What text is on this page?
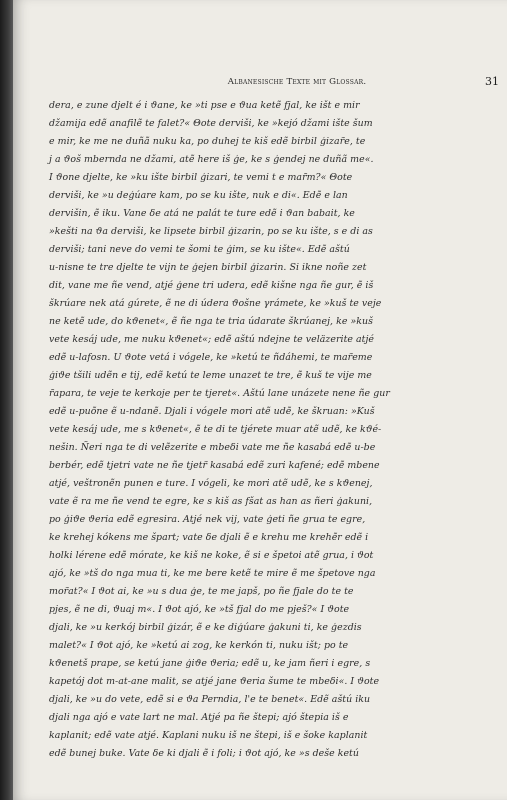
Albanesische Texte mit Glossar.	31
dera, e zune djelt é i ϑane, ke »ti pse e ϑua ketẽ fjal, ke išt e mir
džamija edẽ anafilẽ te falet?« Θote derviši, ke »kejó džami ište šum
e mir, ke me ne duñã nuku ka, po duhej te kiš edẽ birbil ģizar̃e, te
j a ϑoš mbernda ne džami, atẽ here iš ģe, ke s ģendej ne duñã me«.
I ϑone djelte, ke »ku ište birbil ģizari, te vemi t e mar̃m?« Θote
derviši, ke »u deģúare kam, po se ku ište, nuk e di«. Edẽ e lan
dervišin, ẽ iku. Vane δe atá ne palát te ture edẽ i ϑan babait, ke
»kešti na ϑa derviši, ke lipsete birbil ģizarin, po se ku ište, s e di as
derviši; tani neve do vemi te šomi te ģim, se ku ište«. Edẽ aštú
u-nisne te tre djelte te vijn te ģejen birbil ģizarin. Si ikne noñe zet
dit, vane me ñe vend, atjé ģene tri udera, edẽ kišne nga ñe gur, ẽ iš
škrúare nek atá gúrete, ẽ ne di údera ϑošne γrámete, ke »kuš te veje
ne ketẽ ude, do kϑenet«, ẽ ñe nga te tria údarate škrúanej, ke »kuš
vete kesáj ude, me nuku kϑenet«; edẽ aštú ndejne te veläzerite atjé
edẽ u-lafosn. U ϑote vetá i vógele, ke »ketú te ñdáhemi, te mar̃eme
ģiϑe tšili udẽn e tij, edẽ ketú te leme unazet te tre, ẽ kuš te vije me
r̃apara, te veje te kerkoje per te tjeret«. Aštú lane unázete nene ñe gur
edẽ u-puõne ẽ u-ndanẽ. Djali i vógele mori atẽ udẽ, ke škruan: »Kuš
vete kesáj ude, me s kϑenet«, ẽ te di te tjérete muar atẽ udẽ, ke kϑé-
nešin. Ñeri nga te di velẽzerite e mbeδi vate me ñe kasabá edẽ u-be
berbér, edẽ tjetri vate ne ñe tjetr̃ kasabá edẽ zuri kafené; edẽ mbene
atjé, veštronẽn punen e ture. I vógeli, ke mori atẽ udẽ, ke s kϑenej,
vate ẽ ra me ñe vend te egre, ke s kiš as fšat as han as ñeri ģakuni,
po ģiϑe ϑeria edẽ egresira. Atjé nek vij, vate ģeti ñe grua te egre,
ke krehej kókens me špart; vate δe djali ẽ e krehu me krehẽr edẽ i
holki lérene edẽ mórate, ke kiš ne koke, ẽ si e špetoi atẽ grua, i ϑot
ajó, ke »tš do nga mua ti, ke me bere ketẽ te mire ẽ me špetove nga
mor̃at?« I ϑot ai, ke »u s dua ģe, te me japš, po ñe fjale do te te
pjes, ẽ ne di, ϑuaj m«. I ϑot ajó, ke »tš fjal do me pješ?« I ϑote
djali, ke »u kerkój birbil ģizár, ẽ e ke diģúare ģakuni ti, ke ģezdis
malet?« I ϑot ajó, ke »ketú ai zog, ke kerkón ti, nuku išt; po te
kϑenetš prape, se ketú jane ģiϑe ϑeria; edẽ u, ke jam ñeri i egre, s
kapetój dot m-at-ane malit, se atjé jane ϑeria šume te mbeδi«. I ϑote
djali, ke »u do vete, edẽ si e ϑa Perndia, l'e te benet«. Edẽ aštú iku
djali nga ajó e vate lart ne mal. Atjé pa ñe štepi; ajó štepia iš e
kaplanit; edẽ vate atjé. Kaplani nuku iš ne štepi, iš e šoke kaplanit
edẽ bunej buke. Vate δe ki djali ẽ i foli; i ϑot ajó, ke »s deše ketú
